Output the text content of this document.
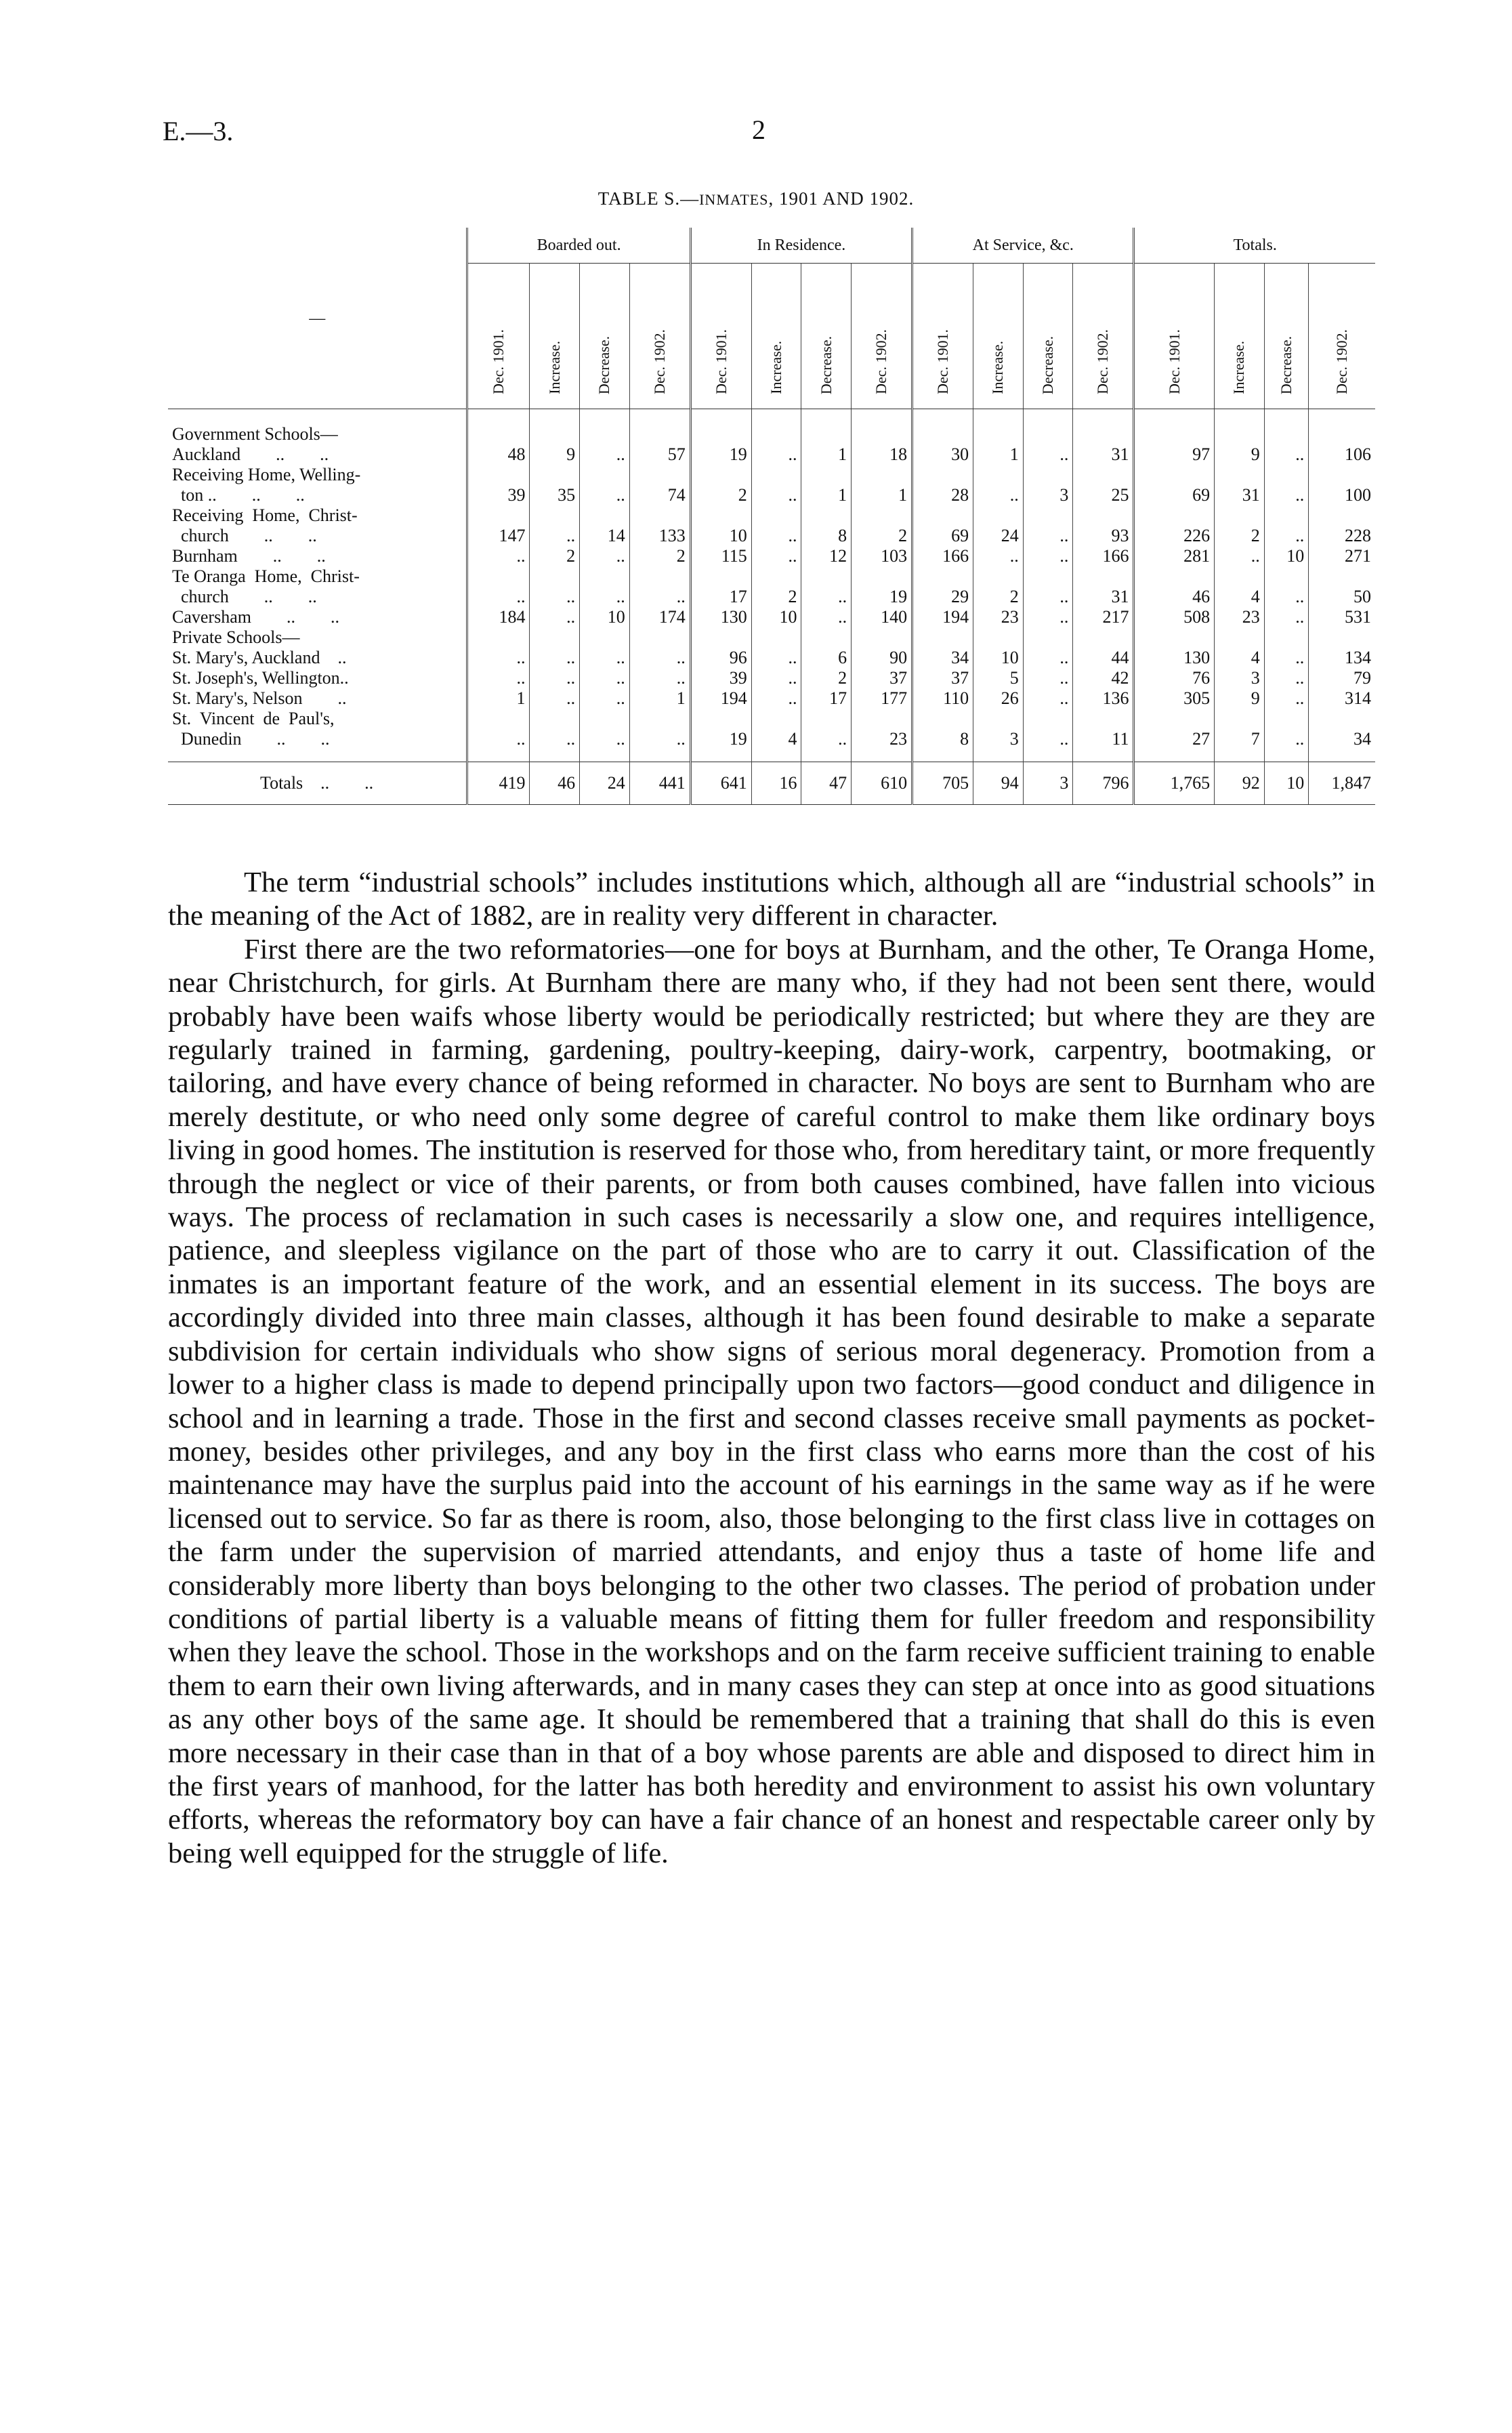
E.—3.	2
TABLE S.—INMATES, 1901 AND 1902.
—	Boarded out.				In Residence.				At Service, &c.				Totals.			
	Dec. 1901.	Increase.	Decrease.	Dec. 1902.	Dec. 1901.	Increase.	Decrease.	Dec. 1902.	Dec. 1901.	Increase.	Decrease.	Dec. 1902.	Dec. 1901.	Increase.	Decrease.	Dec. 1902.
Government Schools—																
Auckland  ..  ..	48	9	..	57	19	..	1	18	30	1	..	31	97	9	..	106
Receiving Home, Welling-																
ton ..  ..  ..	39	35	..	74	2	..	1	1	28	..	3	25	69	31	..	100
Receiving  Home,  Christ-																
church  ..  ..	147	..	14	133	10	..	8	2	69	24	..	93	226	2	..	228
Burnham  ..  ..	..	2	..	2	115	..	12	103	166	..	..	166	281	..	10	271
Te Oranga  Home,  Christ-																
church  ..  ..	..	..	..	..	17	2	..	19	29	2	..	31	46	4	..	50
Caversham  ..  ..	184	..	10	174	130	10	..	140	194	23	..	217	508	23	..	531
Private Schools—																
St. Mary's, Auckland ..	..	..	..	..	96	..	6	90	34	10	..	44	130	4	..	134
St. Joseph's, Wellington..	..	..	..	..	39	..	2	37	37	5	..	42	76	3	..	79
St. Mary's, Nelson  ..	1	..	..	1	194	..	17	177	110	26	..	136	305	9	..	314
St.  Vincent  de  Paul's,																
Dunedin  ..  ..	..	..	..	..	19	4	..	23	8	3	..	11	27	7	..	34
Totals ..  ..	419	46	24	441	641	16	47	610	705	94	3	796	1,765	92	10	1,847

The term “industrial schools” includes institutions which, although all are “industrial schools” in the meaning of the Act of 1882, are in reality very different in character.

First there are the two reformatories—one for boys at Burnham, and the other, Te Oranga Home, near Christchurch, for girls. At Burnham there are many who, if they had not been sent there, would probably have been waifs whose liberty would be periodically restricted; but where they are they are regularly trained in farming, gardening, poultry-keeping, dairy-work, carpentry, bootmaking, or tailoring, and have every chance of being reformed in character. No boys are sent to Burnham who are merely destitute, or who need only some degree of careful control to make them like ordinary boys living in good homes. The institution is reserved for those who, from hereditary taint, or more frequently through the neglect or vice of their parents, or from both causes combined, have fallen into vicious ways. The process of reclamation in such cases is necessarily a slow one, and requires intelligence, patience, and sleepless vigilance on the part of those who are to carry it out. Classification of the inmates is an important feature of the work, and an essential element in its success. The boys are accordingly divided into three main classes, although it has been found desirable to make a separate subdivision for certain individuals who show signs of serious moral degeneracy. Promotion from a lower to a higher class is made to depend principally upon two factors—good conduct and diligence in school and in learning a trade. Those in the first and second classes receive small payments as pocket-money, besides other privileges, and any boy in the first class who earns more than the cost of his maintenance may have the surplus paid into the account of his earnings in the same way as if he were licensed out to service. So far as there is room, also, those belonging to the first class live in cottages on the farm under the supervision of married attendants, and enjoy thus a taste of home life and considerably more liberty than boys belonging to the other two classes. The period of probation under conditions of partial liberty is a valuable means of fitting them for fuller freedom and responsibility when they leave the school. Those in the workshops and on the farm receive sufficient training to enable them to earn their own living afterwards, and in many cases they can step at once into as good situations as any other boys of the same age. It should be remembered that a training that shall do this is even more necessary in their case than in that of a boy whose parents are able and disposed to direct him in the first years of manhood, for the latter has both heredity and environment to assist his own voluntary efforts, whereas the reformatory boy can have a fair chance of an honest and respectable career only by being well equipped for the struggle of life.
